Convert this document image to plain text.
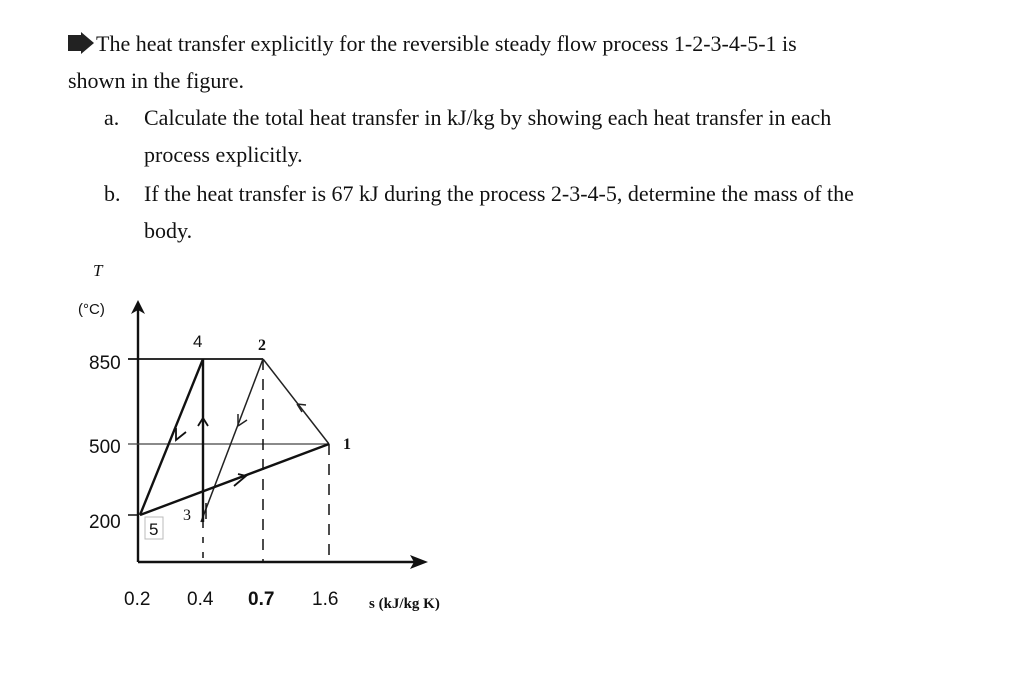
The heat transfer explicitly for the reversible steady flow process 1-2-3-4-5-1 is
shown in the figure.
a. Calculate the total heat transfer in kJ/kg by showing each heat transfer in each
process explicitly.
b. If the heat transfer is 67 kJ during the process 2-3-4-5, determine the mass of the
body.
T
(°C)
s (kJ/kg K)
850
500
200
4	2
1
3
5
0.2 0.4 0.7 1.6
